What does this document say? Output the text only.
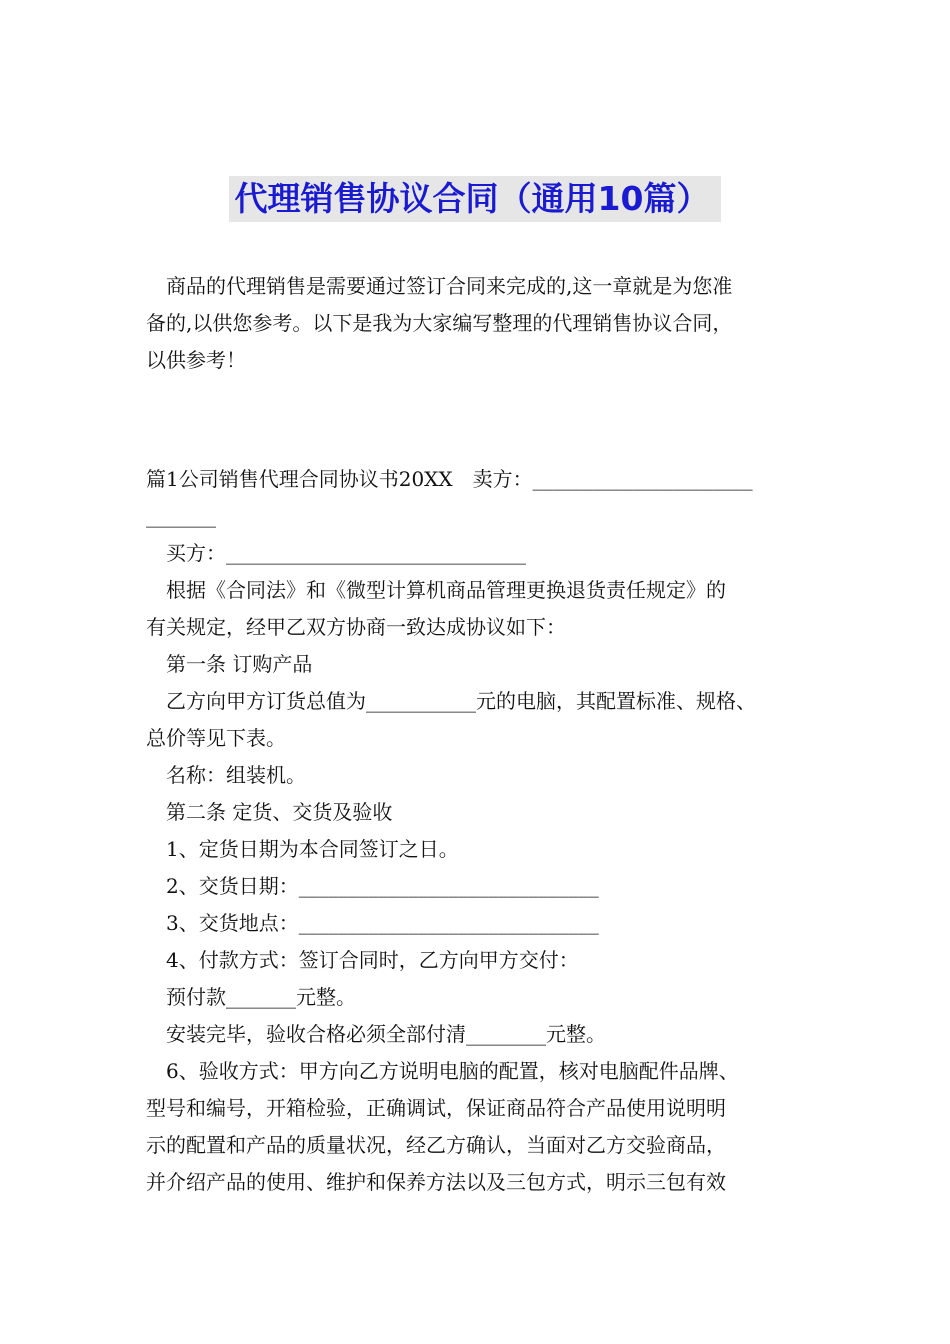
代理销售协议合同（通用10篇）

商品的代理销售是需要通过签订合同来完成的,这一章就是为您准

备的,以供您参考。以下是我为大家编写整理的代理销售协议合同，

以供参考！

篇1公司销售代理合同协议书20XX　卖方：______________________

_______

买方：______________________________

根据《合同法》和《微型计算机商品管理更换退货责任规定》的

有关规定，经甲乙双方协商一致达成协议如下：

第一条 订购产品

乙方向甲方订货总值为___________元的电脑，其配置标准、规格、

总价等见下表。

名称：组装机。

第二条 定货、交货及验收

1、定货日期为本合同签订之日。

2、交货日期：______________________________

3、交货地点：______________________________

4、付款方式：签订合同时，乙方向甲方交付：

预付款_______元整。

安装完毕，验收合格必须全部付清________元整。

6、验收方式：甲方向乙方说明电脑的配置，核对电脑配件品牌、

型号和编号，开箱检验，正确调试，保证商品符合产品使用说明明

示的配置和产品的质量状况，经乙方确认，当面对乙方交验商品，

并介绍产品的使用、维护和保养方法以及三包方式，明示三包有效
